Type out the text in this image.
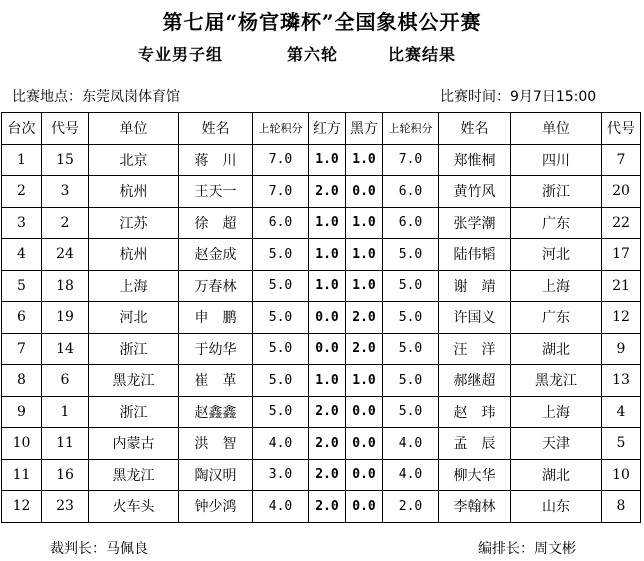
第七届“杨官璘杯”全国象棋公开赛
专业男子组	第六轮	比赛结果
比赛地点：东莞凤岗体育馆	比赛时间：9月7日15:00
台次	代号	单位	姓名	上轮积分	红方	黑方	上轮积分	姓名	单位	代号
1	15	北京	蒋　川	7.0	1.0	1.0	7.0	郑惟桐	四川	7
2	3	杭州	王天一	7.0	2.0	0.0	6.0	黄竹风	浙江	20
3	2	江苏	徐　超	6.0	1.0	1.0	6.0	张学潮	广东	22
4	24	杭州	赵金成	5.0	1.0	1.0	5.0	陆伟韬	河北	17
5	18	上海	万春林	5.0	1.0	1.0	5.0	谢　靖	上海	21
6	19	河北	申　鹏	5.0	0.0	2.0	5.0	许国义	广东	12
7	14	浙江	于幼华	5.0	0.0	2.0	5.0	汪　洋	湖北	9
8	6	黑龙江	崔　革	5.0	1.0	1.0	5.0	郝继超	黑龙江	13
9	1	浙江	赵鑫鑫	5.0	2.0	0.0	5.0	赵　玮	上海	4
10	11	内蒙古	洪　智	4.0	2.0	0.0	4.0	孟　辰	天津	5
11	16	黑龙江	陶汉明	3.0	2.0	0.0	4.0	柳大华	湖北	10
12	23	火车头	钟少鸿	4.0	2.0	0.0	2.0	李翰林	山东	8
裁判长：马佩良	编排长：周文彬
